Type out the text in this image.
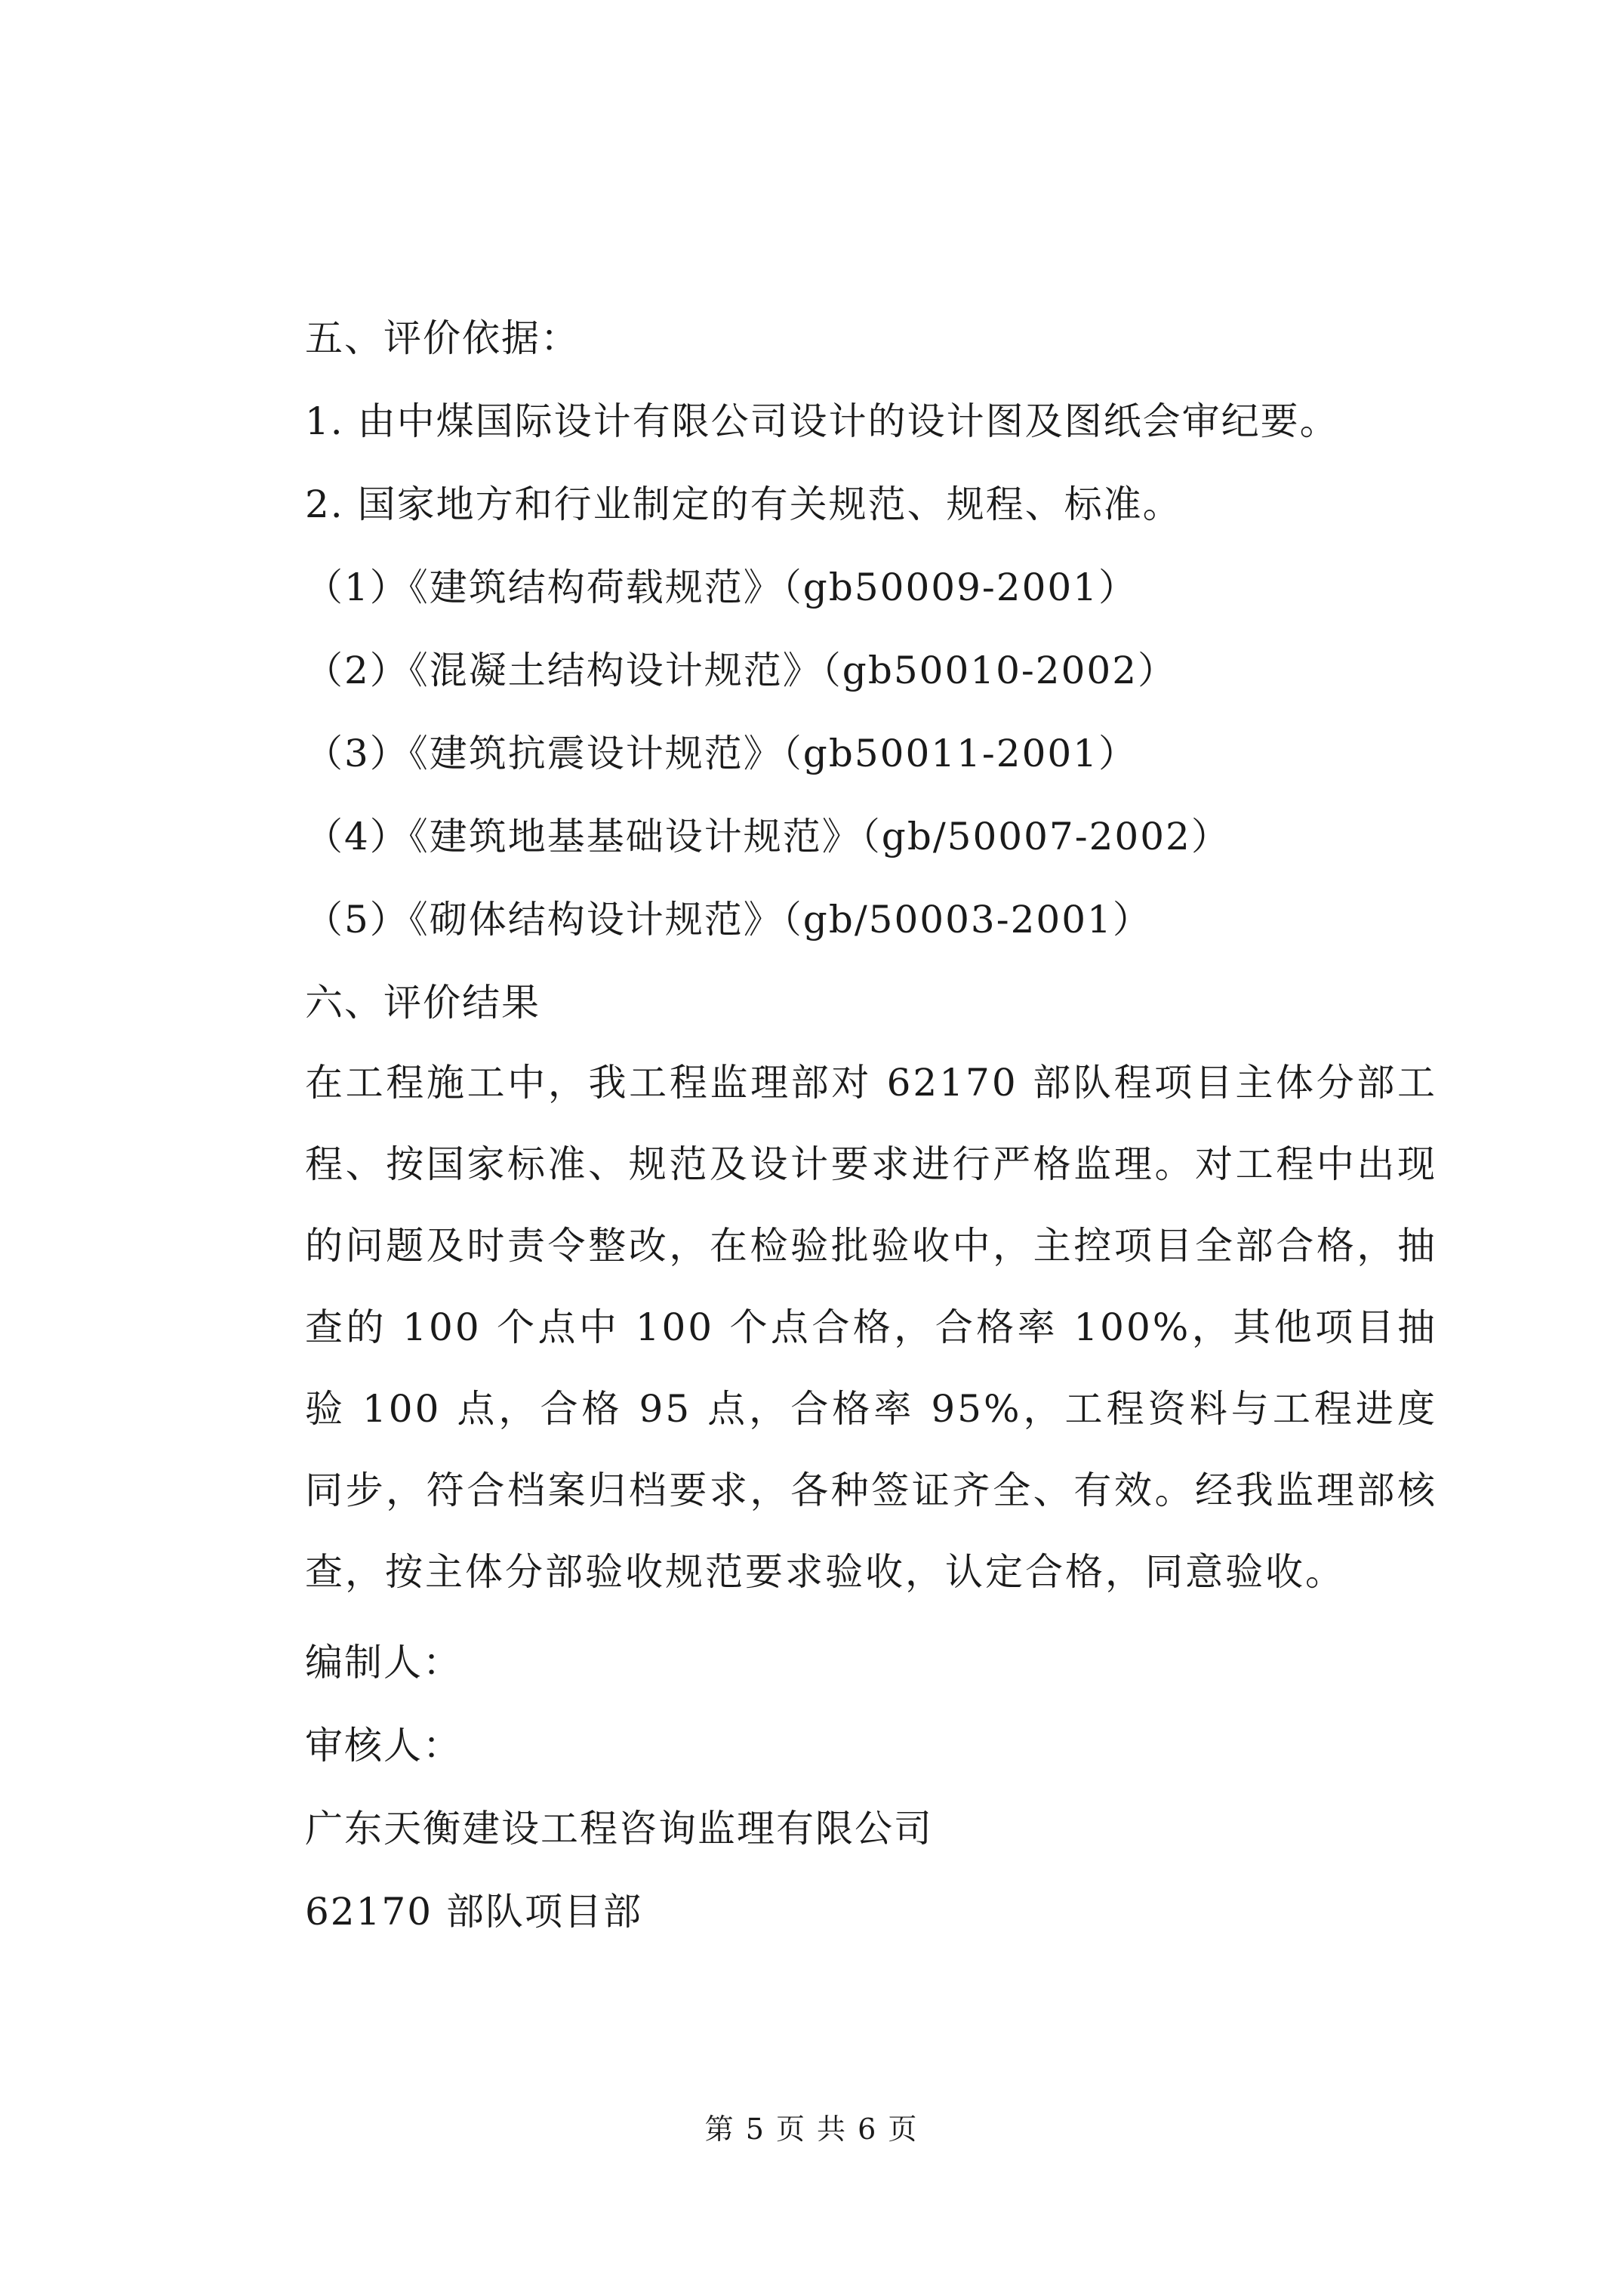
五、评价依据：
1. 由中煤国际设计有限公司设计的设计图及图纸会审纪要。
2. 国家地方和行业制定的有关规范、规程、标准。
（1）《建筑结构荷载规范》（gb50009-2001）
（2）《混凝土结构设计规范》（gb50010-2002）
（3）《建筑抗震设计规范》（gb50011-2001）
（4）《建筑地基基础设计规范》（gb/50007-2002）
（5）《砌体结构设计规范》（gb/50003-2001）
六、评价结果
在工程施工中，我工程监理部对 62170 部队程项目主体分部工程、按国家标准、规范及设计要求进行严格监理。对工程中出现的问题及时责令整改，在检验批验收中，主控项目全部合格，抽查的 100 个点中 100 个点合格，合格率 100%，其他项目抽验 100 点，合格 95 点，合格率 95%，工程资料与工程进度同步，符合档案归档要求，各种签证齐全、有效。经我监理部核查，按主体分部验收规范要求验收，认定合格，同意验收。
编制人：
审核人：
广东天衡建设工程咨询监理有限公司
62170 部队项目部
第 5 页 共 6 页
